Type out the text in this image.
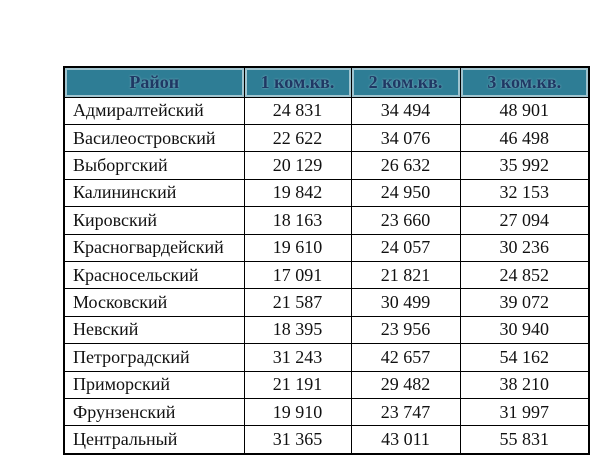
Район	1 ком.кв.	2 ком.кв.	3 ком.кв.
Адмиралтейский	24 831	34 494	48 901
Василеостровский	22 622	34 076	46 498
Выборгский	20 129	26 632	35 992
Калининский	19 842	24 950	32 153
Кировский	18 163	23 660	27 094
Красногвардейский	19 610	24 057	30 236
Красносельский	17 091	21 821	24 852
Московский	21 587	30 499	39 072
Невский	18 395	23 956	30 940
Петроградский	31 243	42 657	54 162
Приморский	21 191	29 482	38 210
Фрунзенский	19 910	23 747	31 997
Центральный	31 365	43 011	55 831
